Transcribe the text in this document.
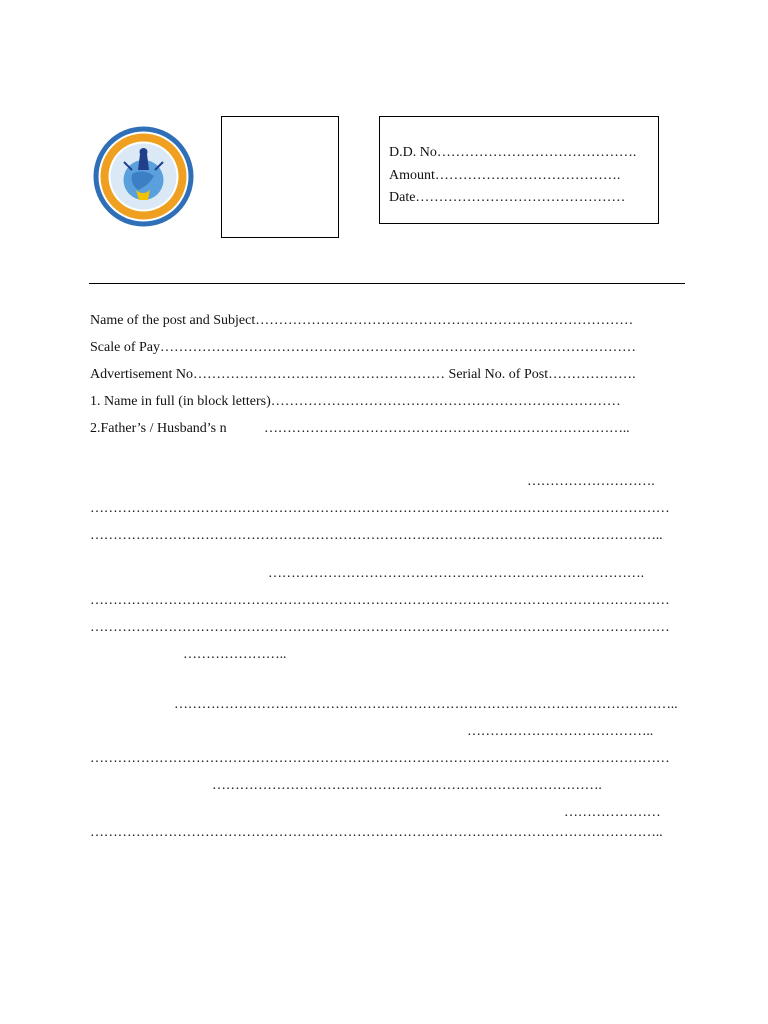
D.D. No…………………………………….
Amount………………………………….
Date………………………………………
Name of the post and Subject………………………………………………………………………
Scale of Pay…………………………………………………………………………………………
Advertisement No……………………………………………… Serial No. of Post……………….
1. Name in full (in block letters)…………………………………………………………………
2.Father’s / Husband’s n	……………………………………………………………………..
……………………….
………………………………………………………………………………………………………………
……………………………………………………………………………………………………………..
……………………………………………………………………….
………………………………………………………………………………………………………………
………………………………………………………………………………………………………………
…………………..
………………………………………………………………………………………………..
…………………………………..
………………………………………………………………………………………………………………
………………………………………………………………………….
…………………
……………………………………………………………………………………………………………..
